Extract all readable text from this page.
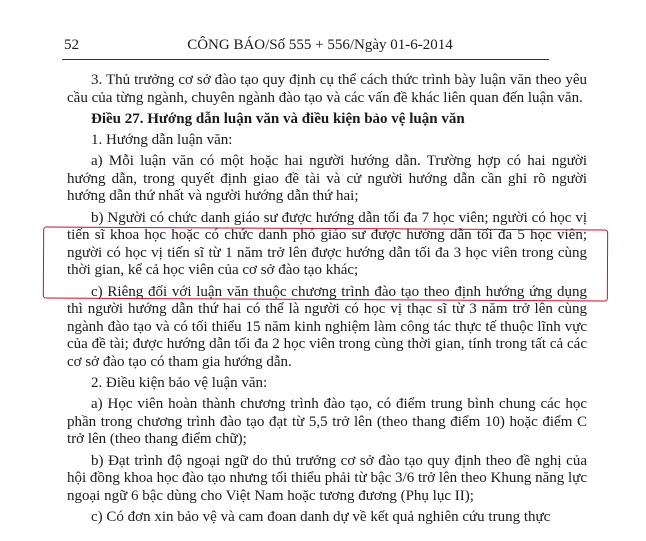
52	CÔNG BÁO/Số 555 + 556/Ngày 01-6-2014

3. Thủ trưởng cơ sở đào tạo quy định cụ thể cách thức trình bày luận văn theo yêu cầu của từng ngành, chuyên ngành đào tạo và các vấn đề khác liên quan đến luận văn.

Điều 27. Hướng dẫn luận văn và điều kiện bảo vệ luận văn

1. Hướng dẫn luận văn:

a) Mỗi luận văn có một hoặc hai người hướng dẫn. Trường hợp có hai người hướng dẫn, trong quyết định giao đề tài và cử người hướng dẫn cần ghi rõ người hướng dẫn thứ nhất và người hướng dẫn thứ hai;

b) Người có chức danh giáo sư được hướng dẫn tối đa 7 học viên; người có học vị tiến sĩ khoa học hoặc có chức danh phó giáo sư được hướng dẫn tối đa 5 học viên; người có học vị tiến sĩ từ 1 năm trở lên được hướng dẫn tối đa 3 học viên trong cùng thời gian, kể cả học viên của cơ sở đào tạo khác;

c) Riêng đối với luận văn thuộc chương trình đào tạo theo định hướng ứng dụng thì người hướng dẫn thứ hai có thể là người có học vị thạc sĩ từ 3 năm trở lên cùng ngành đào tạo và có tối thiểu 15 năm kinh nghiệm làm công tác thực tế thuộc lĩnh vực của đề tài; được hướng dẫn tối đa 2 học viên trong cùng thời gian, tính trong tất cả các cơ sở đào tạo có tham gia hướng dẫn.

2. Điều kiện bảo vệ luận văn:

a) Học viên hoàn thành chương trình đào tạo, có điểm trung bình chung các học phần trong chương trình đào tạo đạt từ 5,5 trở lên (theo thang điểm 10) hoặc điểm C trở lên (theo thang điểm chữ);

b) Đạt trình độ ngoại ngữ do thủ trưởng cơ sở đào tạo quy định theo đề nghị của hội đồng khoa học đào tạo nhưng tối thiểu phải từ bậc 3/6 trở lên theo Khung năng lực ngoại ngữ 6 bậc dùng cho Việt Nam hoặc tương đương (Phụ lục II);

c) Có đơn xin bảo vệ và cam đoan danh dự về kết quả nghiên cứu trung thực
